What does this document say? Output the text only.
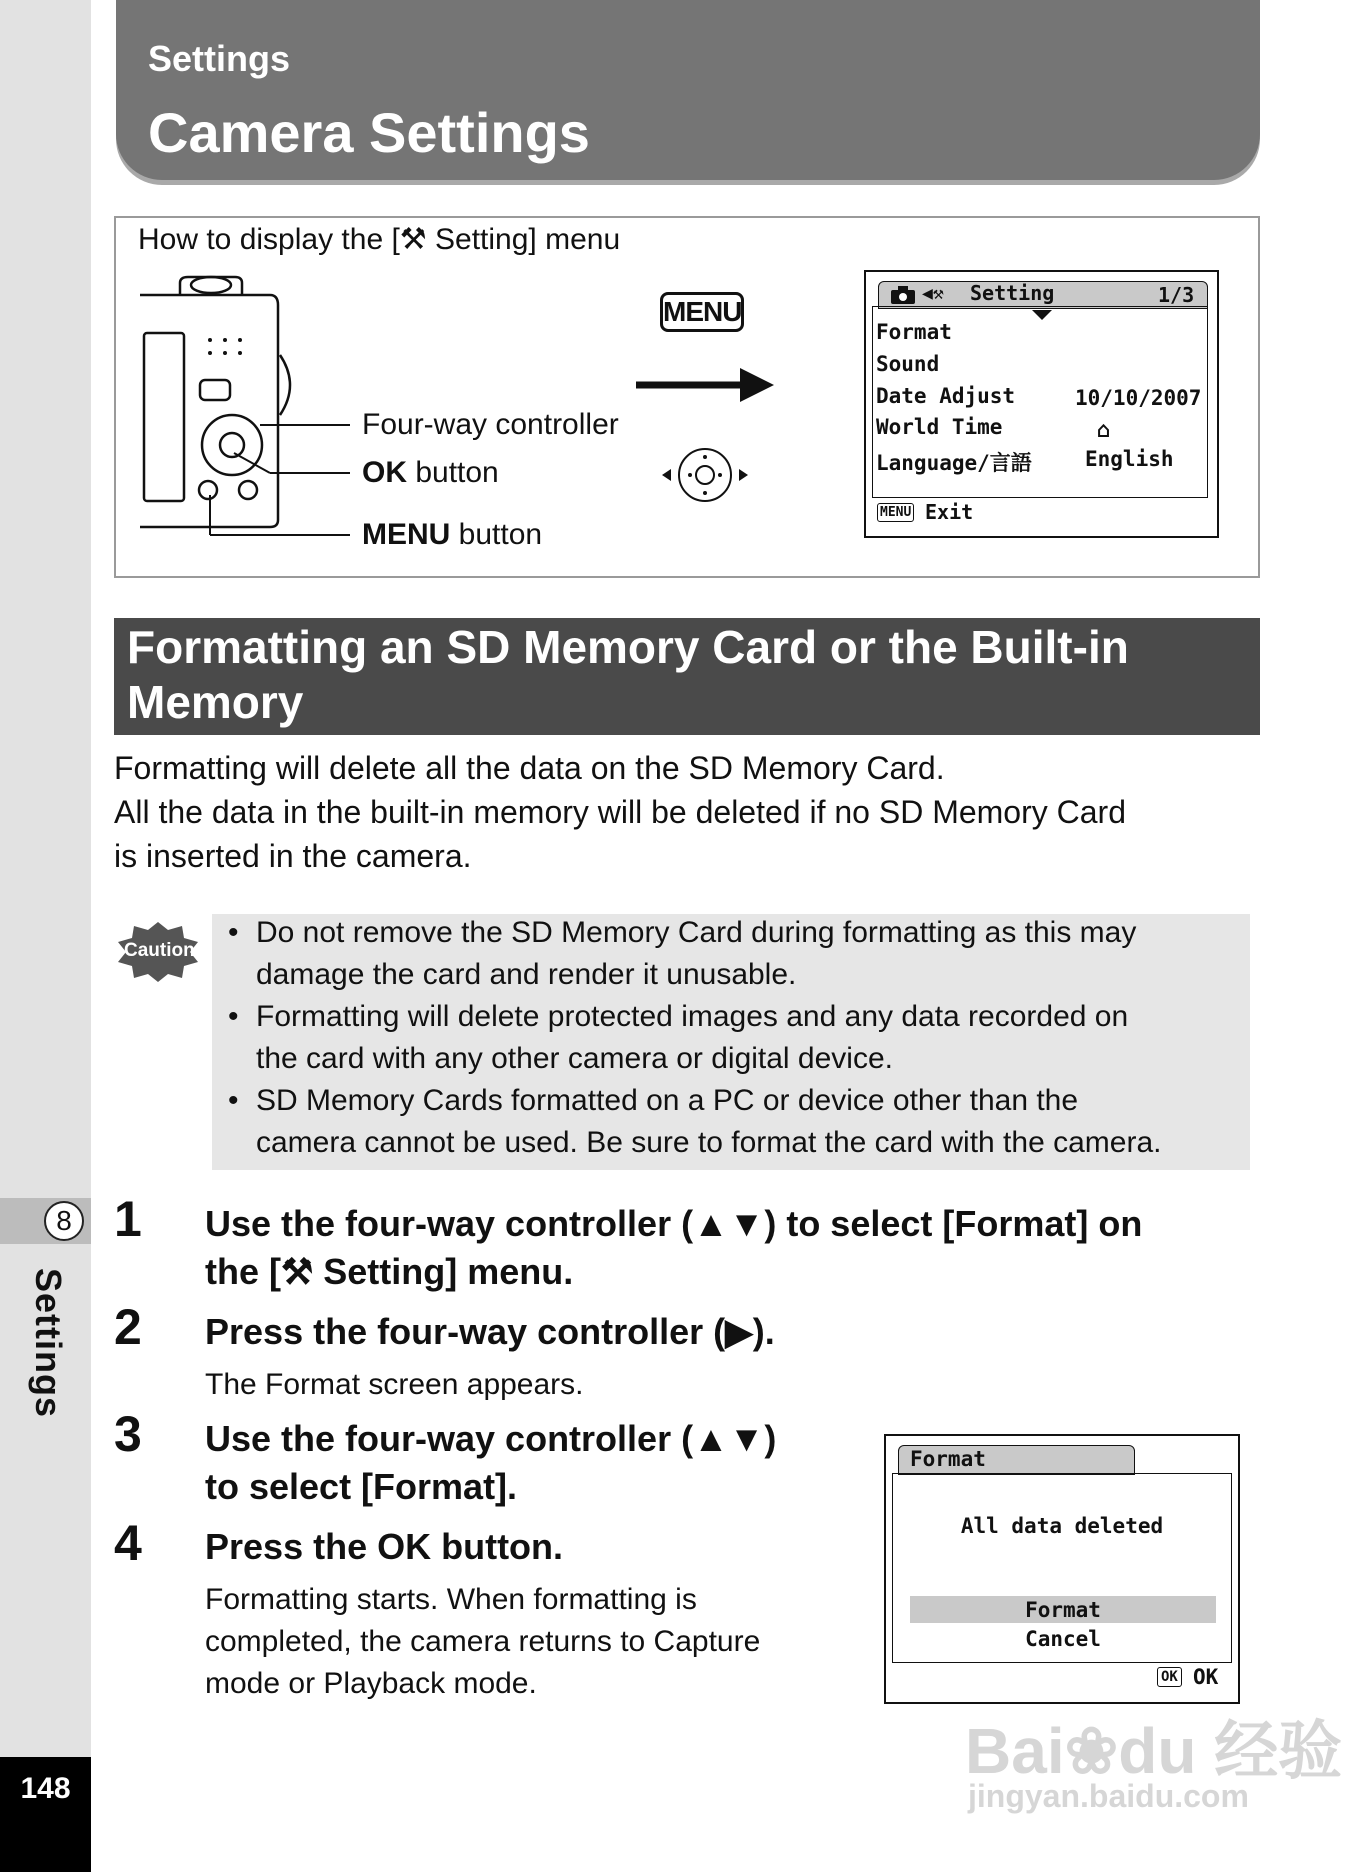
8
Settings
148
Settings
Camera Settings
How to display the [⚒ Setting] menu
Four-way controller
OK button
MENU button
MENU
◀⚒ Setting	1/3
Format
Sound
Date Adjust	10/10/2007
World Time	⌂
Language/言語	English
MENU Exit
Formatting an SD Memory Card or the Built-in
Memory
Formatting will delete all the data on the SD Memory Card.
All the data in the built-in memory will be deleted if no SD Memory Card
is inserted in the camera.
Caution
• Do not remove the SD Memory Card during formatting as this may
damage the card and render it unusable.
• Formatting will delete protected images and any data recorded on
the card with any other camera or digital device.
• SD Memory Cards formatted on a PC or device other than the
camera cannot be used. Be sure to format the card with the camera.
1 Use the four-way controller (▲▼) to select [Format] on
the [⚒ Setting] menu.
2 Press the four-way controller (▶).
The Format screen appears.
3 Use the four-way controller (▲▼)
to select [Format].
4 Press the OK button.
Formatting starts. When formatting is
completed, the camera returns to Capture
mode or Playback mode.
Format
All data deleted
Format
Cancel
OK OK
Bai❀du 经验
jingyan.baidu.com
